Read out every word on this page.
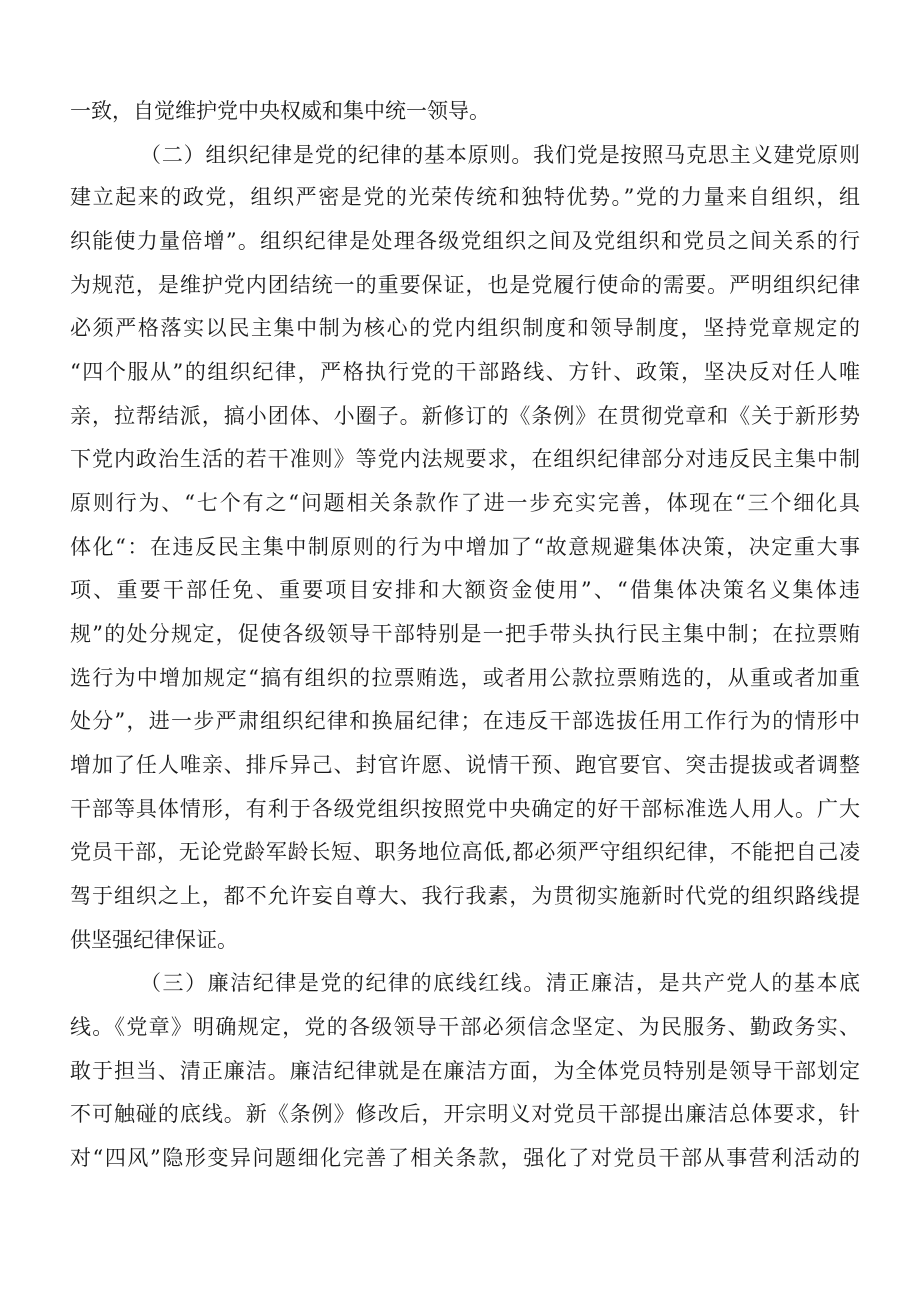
一致，自觉维护党中央权威和集中统一领导。
（二）组织纪律是党的纪律的基本原则。我们党是按照马克思主义建党原则
建立起来的政党，组织严密是党的光荣传统和独特优势。”党的力量来自组织，组
织能使力量倍增”。组织纪律是处理各级党组织之间及党组织和党员之间关系的行
为规范，是维护党内团结统一的重要保证，也是党履行使命的需要。严明组织纪律
必须严格落实以民主集中制为核心的党内组织制度和领导制度，坚持党章规定的
“四个服从”的组织纪律，严格执行党的干部路线、方针、政策，坚决反对任人唯
亲，拉帮结派，搞小团体、小圈子。新修订的《条例》在贯彻党章和《关于新形势
下党内政治生活的若干准则》等党内法规要求，在组织纪律部分对违反民主集中制
原则行为、“七个有之“问题相关条款作了进一步充实完善，体现在“三个细化具
体化“：在违反民主集中制原则的行为中增加了“故意规避集体决策，决定重大事
项、重要干部任免、重要项目安排和大额资金使用”、“借集体决策名义集体违
规”的处分规定，促使各级领导干部特别是一把手带头执行民主集中制；在拉票贿
选行为中增加规定“搞有组织的拉票贿选，或者用公款拉票贿选的，从重或者加重
处分”，进一步严肃组织纪律和换届纪律；在违反干部选拔任用工作行为的情形中
增加了任人唯亲、排斥异己、封官许愿、说情干预、跑官要官、突击提拔或者调整
干部等具体情形，有利于各级党组织按照党中央确定的好干部标准选人用人。广大
党员干部，无论党龄军龄长短、职务地位高低,都必须严守组织纪律，不能把自己凌
驾于组织之上，都不允许妄自尊大、我行我素，为贯彻实施新时代党的组织路线提
供坚强纪律保证。
（三）廉洁纪律是党的纪律的底线红线。清正廉洁，是共产党人的基本底
线。《党章》明确规定，党的各级领导干部必须信念坚定、为民服务、勤政务实、
敢于担当、清正廉洁。廉洁纪律就是在廉洁方面，为全体党员特别是领导干部划定
不可触碰的底线。新《条例》修改后，开宗明义对党员干部提出廉洁总体要求，针
对“四风”隐形变异问题细化完善了相关条款，强化了对党员干部从事营利活动的
